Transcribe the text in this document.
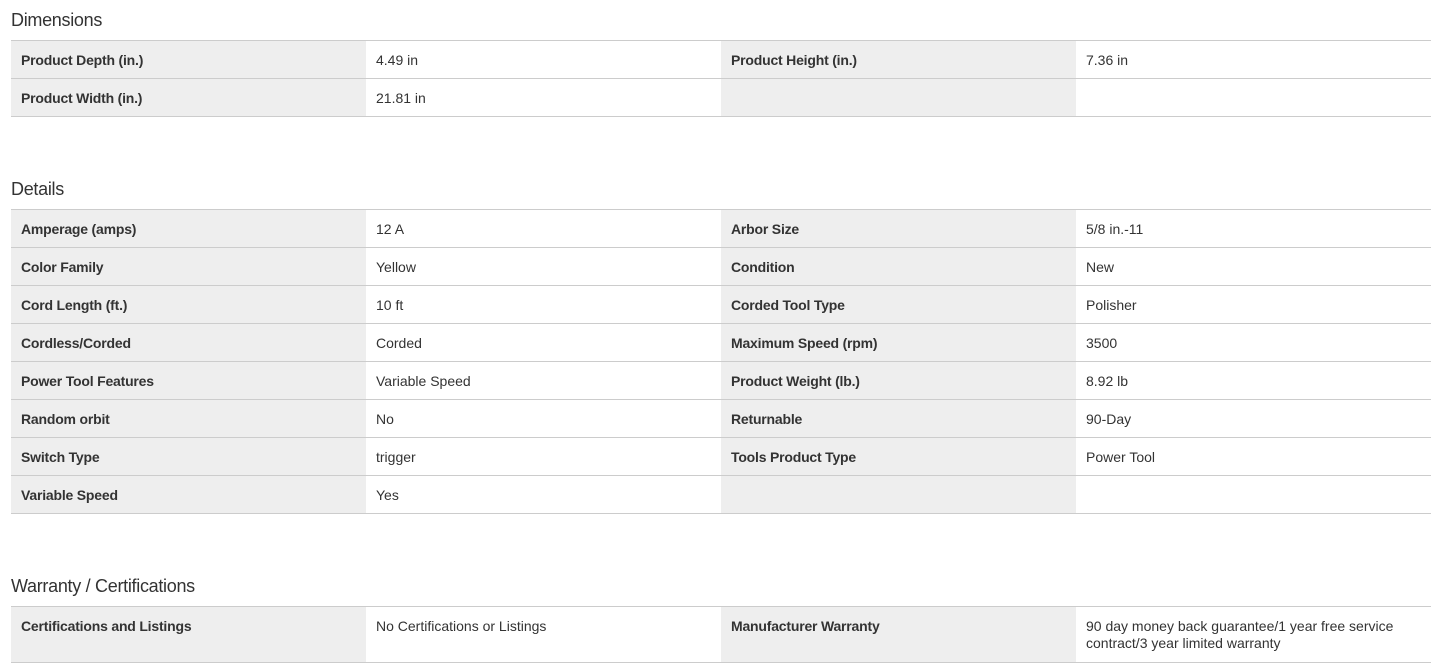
Dimensions
Product Depth (in.)	4.49 in	Product Height (in.)	7.36 in
Product Width (in.)	21.81 in
Details
Amperage (amps)	12 A	Arbor Size	5/8 in.-11
Color Family	Yellow	Condition	New
Cord Length (ft.)	10 ft	Corded Tool Type	Polisher
Cordless/Corded	Corded	Maximum Speed (rpm)	3500
Power Tool Features	Variable Speed	Product Weight (lb.)	8.92 lb
Random orbit	No	Returnable	90-Day
Switch Type	trigger	Tools Product Type	Power Tool
Variable Speed	Yes
Warranty / Certifications
Certifications and Listings	No Certifications or Listings	Manufacturer Warranty	90 day money back guarantee/1 year free service contract/3 year limited warranty
